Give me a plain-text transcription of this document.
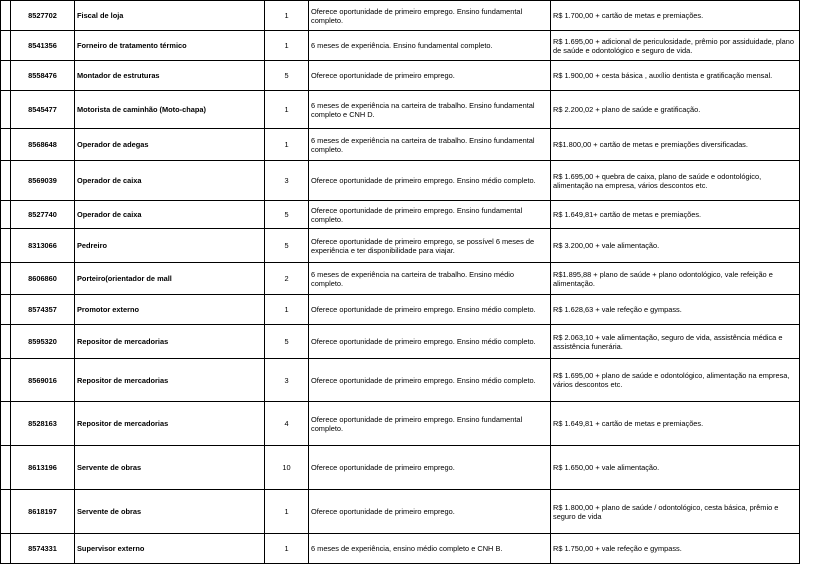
	8527702	Fiscal de loja	1	Oferece oportunidade de primeiro emprego. Ensino fundamental completo.	R$ 1.700,00 + cartão de metas e premiações.
	8541356	Forneiro de tratamento térmico	1	6 meses de experiência. Ensino fundamental completo.	R$ 1.695,00 + adicional de periculosidade, prêmio por assiduidade, plano de saúde e odontológico e seguro de vida.
	8558476	Montador de estruturas	5	Oferece oportunidade de primeiro emprego.	R$ 1.900,00 + cesta básica , auxílio dentista e gratificação mensal.
	8545477	Motorista de caminhão (Moto-chapa)	1	6 meses de experiência na carteira de trabalho. Ensino fundamental completo e CNH D.	R$ 2.200,02 + plano de saúde e gratificação.
	8568648	Operador de adegas	1	6 meses de experiência na carteira de trabalho. Ensino fundamental completo.	R$1.800,00 + cartão de metas e premiações diversificadas.
	8569039	Operador de caixa	3	Oferece oportunidade de primeiro emprego. Ensino médio completo.	R$ 1.695,00 + quebra de caixa, plano de saúde e odontológico, alimentação na empresa, vários descontos etc.
	8527740	Operador de caixa	5	Oferece oportunidade de primeiro emprego. Ensino fundamental completo.	R$ 1.649,81+ cartão de metas e premiações.
	8313066	Pedreiro	5	Oferece oportunidade de primeiro emprego, se possível 6 meses de experiência e ter disponibilidade para viajar.	R$ 3.200,00 + vale alimentação.
	8606860	Porteiro(orientador de mall	2	6 meses de experiência na carteira de trabalho. Ensino médio completo.	R$1.895,88 + plano de saúde + plano odontológico, vale refeição e alimentação.
	8574357	Promotor externo	1	Oferece oportunidade de primeiro emprego. Ensino médio completo.	R$ 1.628,63 + vale refeção e gympass.
	8595320	Repositor de mercadorias	5	Oferece oportunidade de primeiro emprego. Ensino médio completo.	R$ 2.063,10 + vale alimentação, seguro de vida, assistência médica e assistência funerária.
	8569016	Repositor de mercadorias	3	Oferece oportunidade de primeiro emprego. Ensino médio completo.	R$ 1.695,00 + plano de saúde e odontológico, alimentação na empresa, vários descontos etc.
	8528163	Repositor de mercadorias	4	Oferece oportunidade de primeiro emprego. Ensino fundamental completo.	R$ 1.649,81 + cartão de metas e premiações.
	8613196	Servente de obras	10	Oferece oportunidade de primeiro emprego.	R$ 1.650,00 + vale alimentação.
	8618197	Servente de obras	1	Oferece oportunidade de primeiro emprego.	R$ 1.800,00 + plano de saúde / odontológico, cesta básica, prêmio e seguro de vida
	8574331	Supervisor externo	1	6 meses de experiência, ensino médio completo e CNH B.	R$ 1.750,00 + vale refeção e gympass.
